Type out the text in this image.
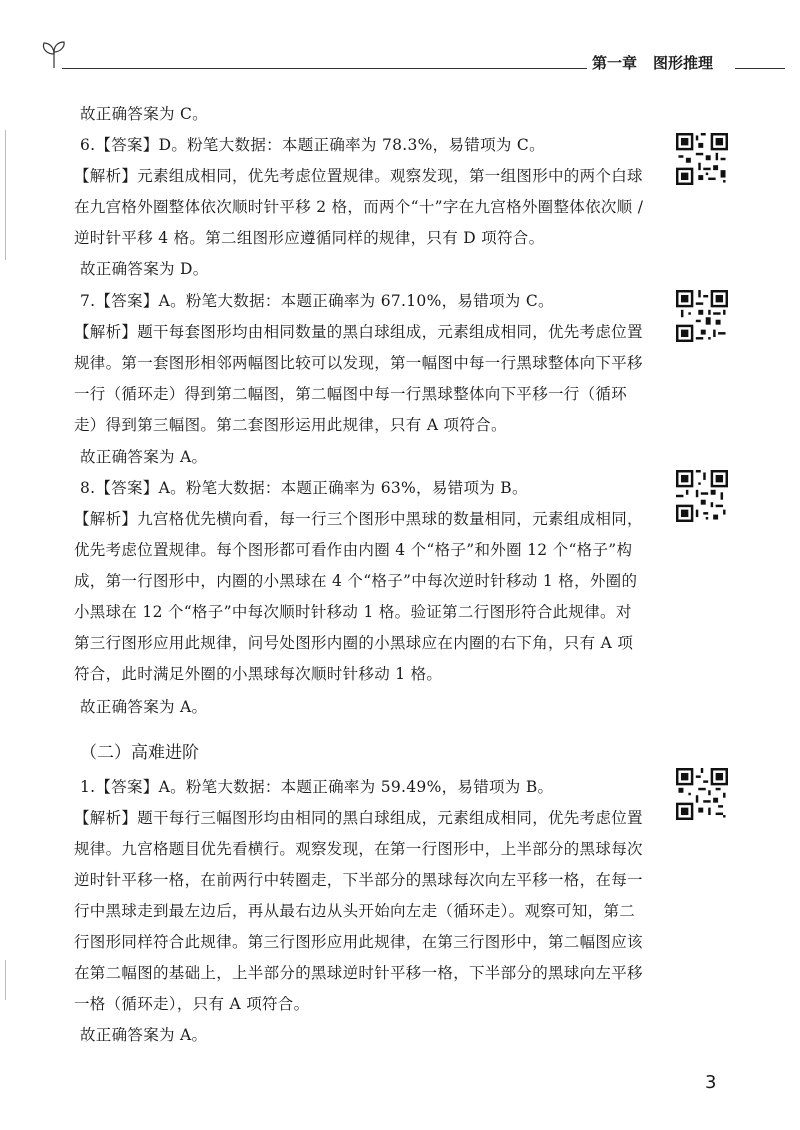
第一章 图形推理
故正确答案为 C。
6.【答案】D。粉笔大数据：本题正确率为 78.3%，易错项为 C。
【解析】元素组成相同，优先考虑位置规律。观察发现，第一组图形中的两个白球在九宫格外圈整体依次顺时针平移 2 格，而两个“十”字在九宫格外圈整体依次顺 / 逆时针平移 4 格。第二组图形应遵循同样的规律，只有 D 项符合。
故正确答案为 D。
7.【答案】A。粉笔大数据：本题正确率为 67.10%，易错项为 C。
【解析】题干每套图形均由相同数量的黑白球组成，元素组成相同，优先考虑位置规律。第一套图形相邻两幅图比较可以发现，第一幅图中每一行黑球整体向下平移一行（循环走）得到第二幅图，第二幅图中每一行黑球整体向下平移一行（循环走）得到第三幅图。第二套图形运用此规律，只有 A 项符合。
故正确答案为 A。
8.【答案】A。粉笔大数据：本题正确率为 63%，易错项为 B。
【解析】九宫格优先横向看，每一行三个图形中黑球的数量相同，元素组成相同，优先考虑位置规律。每个图形都可看作由内圈 4 个“格子”和外圈 12 个“格子”构成，第一行图形中，内圈的小黑球在 4 个“格子”中每次逆时针移动 1 格，外圈的小黑球在 12 个“格子”中每次顺时针移动 1 格。验证第二行图形符合此规律。对第三行图形应用此规律，问号处图形内圈的小黑球应在内圈的右下角，只有 A 项符合，此时满足外圈的小黑球每次顺时针移动 1 格。
故正确答案为 A。
1.【答案】A。粉笔大数据：本题正确率为 59.49%，易错项为 B。
【解析】题干每行三幅图形均由相同的黑白球组成，元素组成相同，优先考虑位置规律。九宫格题目优先看横行。观察发现，在第一行图形中，上半部分的黑球每次逆时针平移一格，在前两行中转圈走，下半部分的黑球每次向左平移一格，在每一行中黑球走到最左边后，再从最右边从头开始向左走（循环走）。观察可知，第二行图形同样符合此规律。第三行图形应用此规律，在第三行图形中，第二幅图应该在第二幅图的基础上，上半部分的黑球逆时针平移一格，下半部分的黑球向左平移一格（循环走），只有 A 项符合。
故正确答案为 A。
（二）高难进阶
3
